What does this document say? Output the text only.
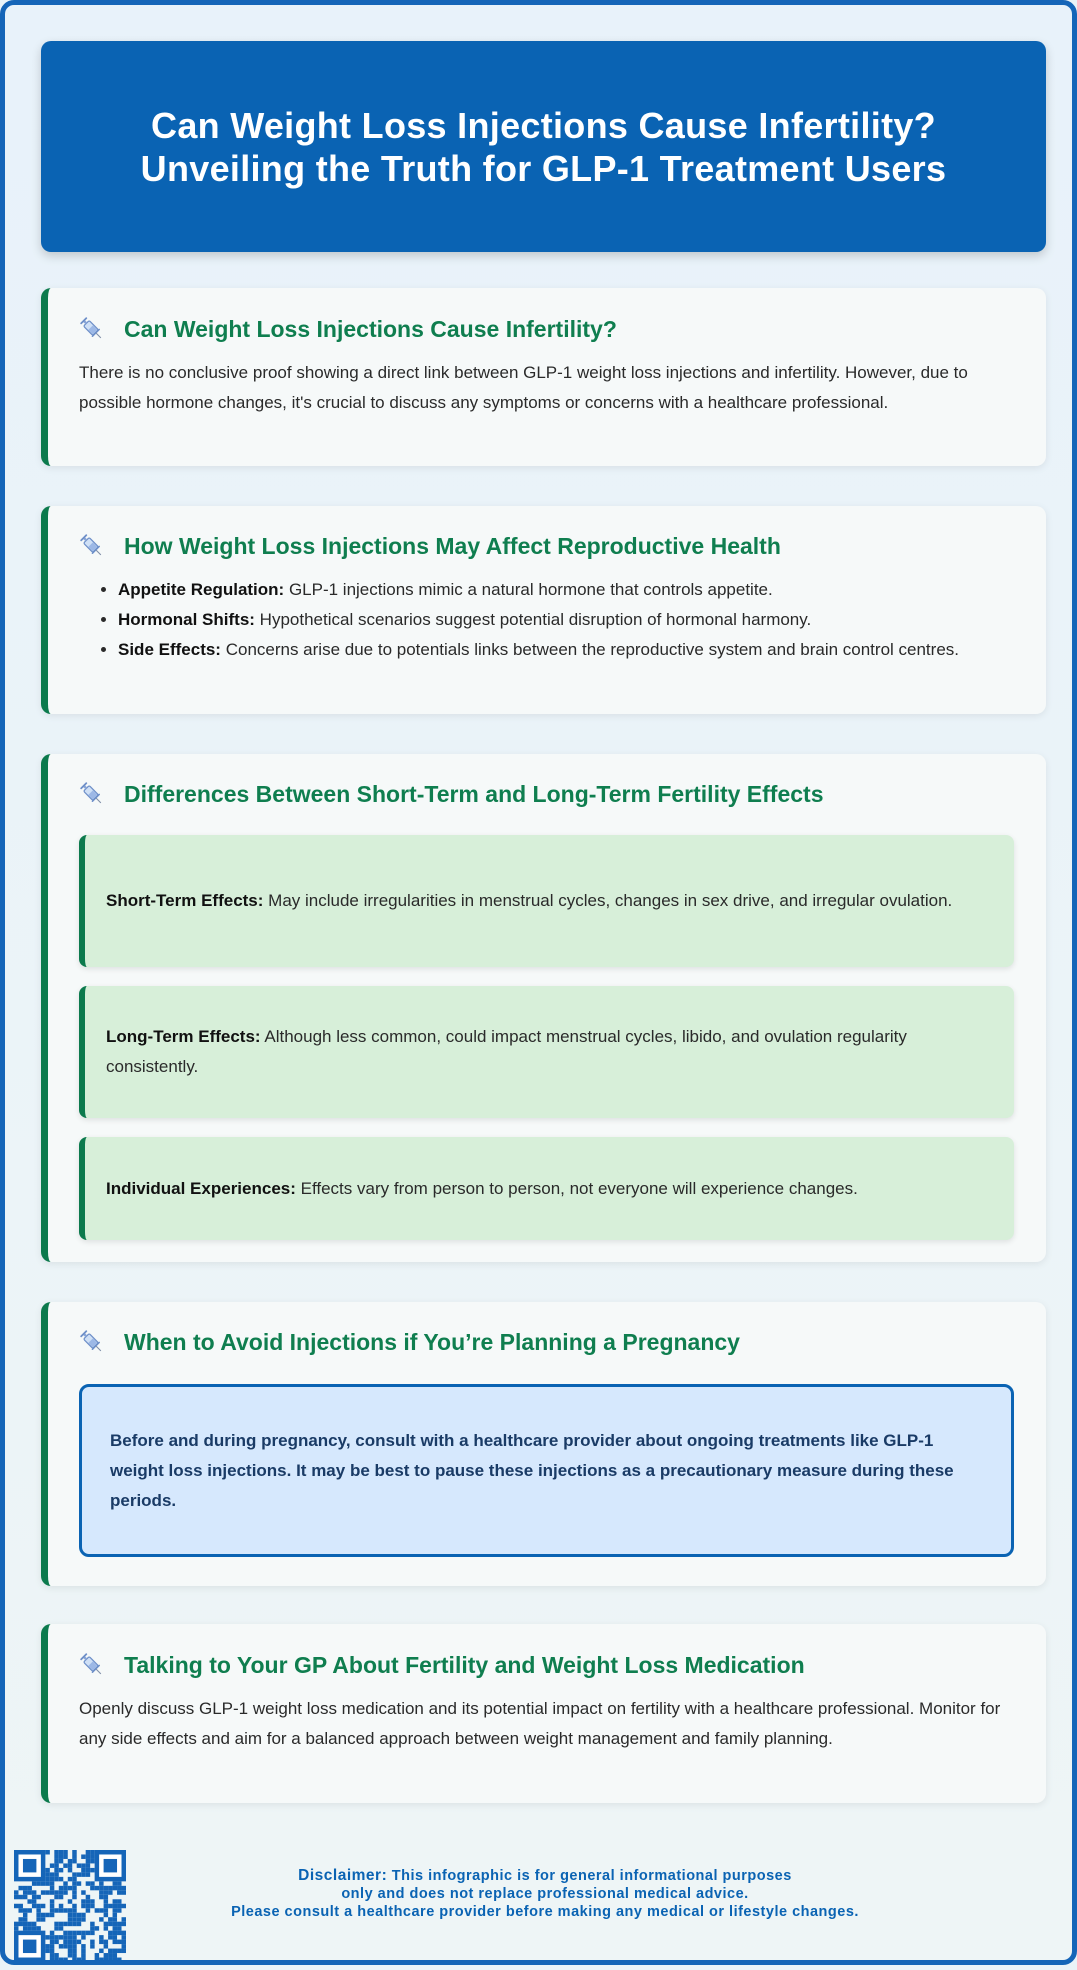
Can Weight Loss Injections Cause Infertility?
Unveiling the Truth for GLP-1 Treatment Users
Can Weight Loss Injections Cause Infertility?

There is no conclusive proof showing a direct link between GLP-1 weight loss injections and infertility. However, due to possible hormone changes, it's crucial to discuss any symptoms or concerns with a healthcare professional.

How Weight Loss Injections May Affect Reproductive Health
• Appetite Regulation: GLP-1 injections mimic a natural hormone that controls appetite.
• Hormonal Shifts: Hypothetical scenarios suggest potential disruption of hormonal harmony.
• Side Effects: Concerns arise due to potentials links between the reproductive system and brain control centres.
Differences Between Short-Term and Long-Term Fertility Effects
Short-Term Effects: May include irregularities in menstrual cycles, changes in sex drive, and irregular ovulation.
Long-Term Effects: Although less common, could impact menstrual cycles, libido, and ovulation regularity consistently.
Individual Experiences: Effects vary from person to person, not everyone will experience changes.
When to Avoid Injections if You’re Planning a Pregnancy
Before and during pregnancy, consult with a healthcare provider about ongoing treatments like GLP-1 weight loss injections. It may be best to pause these injections as a precautionary measure during these periods.
Talking to Your GP About Fertility and Weight Loss Medication

Openly discuss GLP-1 weight loss medication and its potential impact on fertility with a healthcare professional. Monitor for any side effects and aim for a balanced approach between weight management and family planning.

Disclaimer: This infographic is for general informational purposes
only and does not replace professional medical advice.
Please consult a healthcare provider before making any medical or lifestyle changes.
